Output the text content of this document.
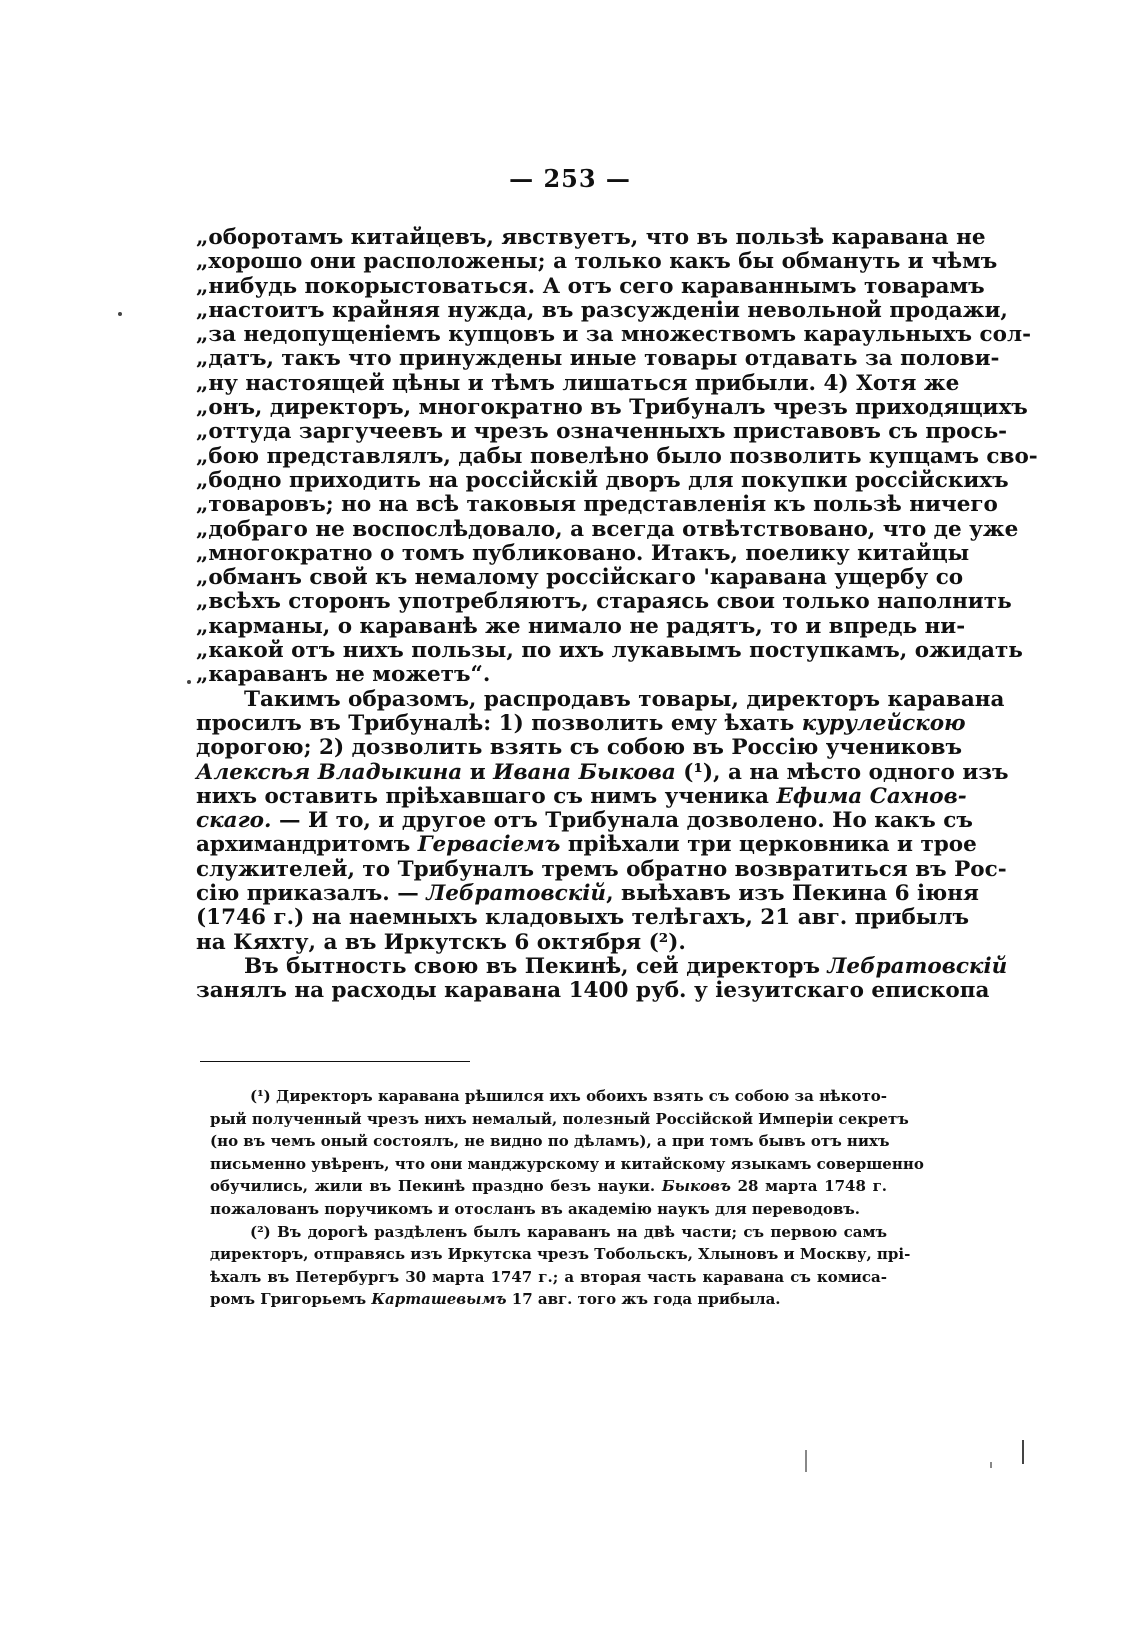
— 253 —
„оборотамъ китайцевъ, явствуетъ, что въ пользѣ каравана не
„хорошо они расположены; а только какъ бы обмануть и чѣмъ
„нибудь покорыстоваться. А отъ сего караваннымъ товарамъ
„настоитъ крайняя нужда, въ разсужденіи невольной продажи,
„за недопущеніемъ купцовъ и за множествомъ караульныхъ сол-
„датъ, такъ что принуждены иные товары отдавать за полови-
„ну настоящей цѣны и тѣмъ лишаться прибыли. 4) Хотя же
„онъ, директоръ, многократно въ Трибуналъ чрезъ приходящихъ
„оттуда заргучеевъ и чрезъ означенныхъ приставовъ съ прось-
„бою представлялъ, дабы повелѣно было позволить купцамъ сво-
„бодно приходить на россійскій дворъ для покупки россійскихъ
„товаровъ; но на всѣ таковыя представленія къ пользѣ ничего
„добраго не воспослѣдовало, а всегда отвѣтствовано, что де уже
„многократно о томъ публиковано. Итакъ, поелику китайцы
„обманъ свой къ немалому россійскаго 'каравана ущербу со
„всѣхъ сторонъ употребляютъ, стараясь свои только наполнить
„карманы, о караванѣ же нимало не радятъ, то и впредь ни-
„какой отъ нихъ пользы, по ихъ лукавымъ поступкамъ, ожидать
„караванъ не можетъ“.
Такимъ образомъ, распродавъ товары, директоръ каравана
просилъ въ Трибуналѣ: 1) позволить ему ѣхать курулейскою
дорогою; 2) дозволить взять съ собою въ Россію учениковъ
Алексѣя Владыкина и Ивана Быкова (¹), а на мѣсто одного изъ
нихъ оставить пріѣхавшаго съ нимъ ученика Ефима Сахнов-
скаго. — И то, и другое отъ Трибунала дозволено. Но какъ съ
архимандритомъ Гервасіемъ пріѣхали три церковника и трое
служителей, то Трибуналъ тремъ обратно возвратиться въ Рос-
сію приказалъ. — Лебратовскій, выѣхавъ изъ Пекина 6 іюня
(1746 г.) на наемныхъ кладовыхъ телѣгахъ, 21 авг. прибылъ
на Кяхту, а въ Иркутскъ 6 октября (²).
Въ бытность свою въ Пекинѣ, сей директоръ Лебратовскій
занялъ на расходы каравана 1400 руб. у іезуитскаго епископа
(¹) Директоръ каравана рѣшился ихъ обоихъ взять съ собою за нѣкото-
рый полученный чрезъ нихъ немалый, полезный Россійской Имперіи секретъ
(но въ чемъ оный состоялъ, не видно по дѣламъ), а при томъ бывъ отъ нихъ
письменно увѣренъ, что они манджурскому и китайскому языкамъ совершенно
обучились, жили въ Пекинѣ праздно безъ науки. Быковъ 28 марта 1748 г.
пожалованъ поручикомъ и отосланъ въ академію наукъ для переводовъ.
(²) Въ дорогѣ раздѣленъ былъ караванъ на двѣ части; съ первою самъ
директоръ, отправясь изъ Иркутска чрезъ Тобольскъ, Хлыновъ и Москву, прі-
ѣхалъ въ Петербургъ 30 марта 1747 г.; а вторая часть каравана съ комиса-
ромъ Григорьемъ Карташевымъ 17 авг. того жъ года прибыла.
